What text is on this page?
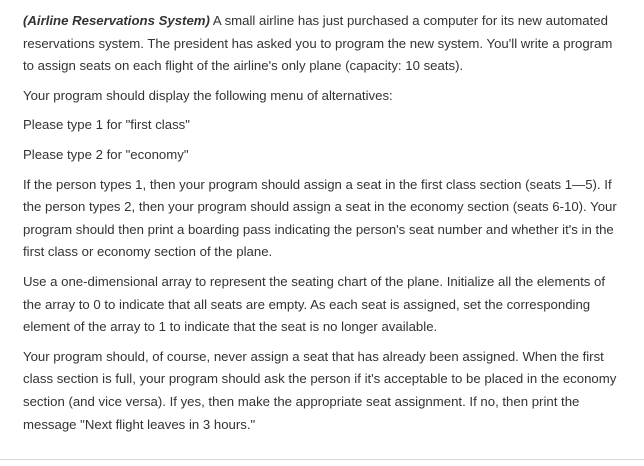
(Airline Reservations System) A small airline has just purchased a computer for its new automated reservations system. The president has asked you to program the new system. You'll write a program to assign seats on each flight of the airline's only plane (capacity: 10 seats).

Your program should display the following menu of alternatives:

Please type 1 for "first class"

Please type 2 for "economy"

If the person types 1, then your program should assign a seat in the first class section (seats 1—5). If the person types 2, then your program should assign a seat in the economy section (seats 6-10). Your program should then print a boarding pass indicating the person's seat number and whether it's in the first class or economy section of the plane.

Use a one-dimensional array to represent the seating chart of the plane. Initialize all the elements of the array to 0 to indicate that all seats are empty. As each seat is assigned, set the corresponding element of the array to 1 to indicate that the seat is no longer available.

Your program should, of course, never assign a seat that has already been assigned. When the first class section is full, your program should ask the person if it's acceptable to be placed in the economy section (and vice versa). If yes, then make the appropriate seat assignment. If no, then print the message "Next flight leaves in 3 hours."
